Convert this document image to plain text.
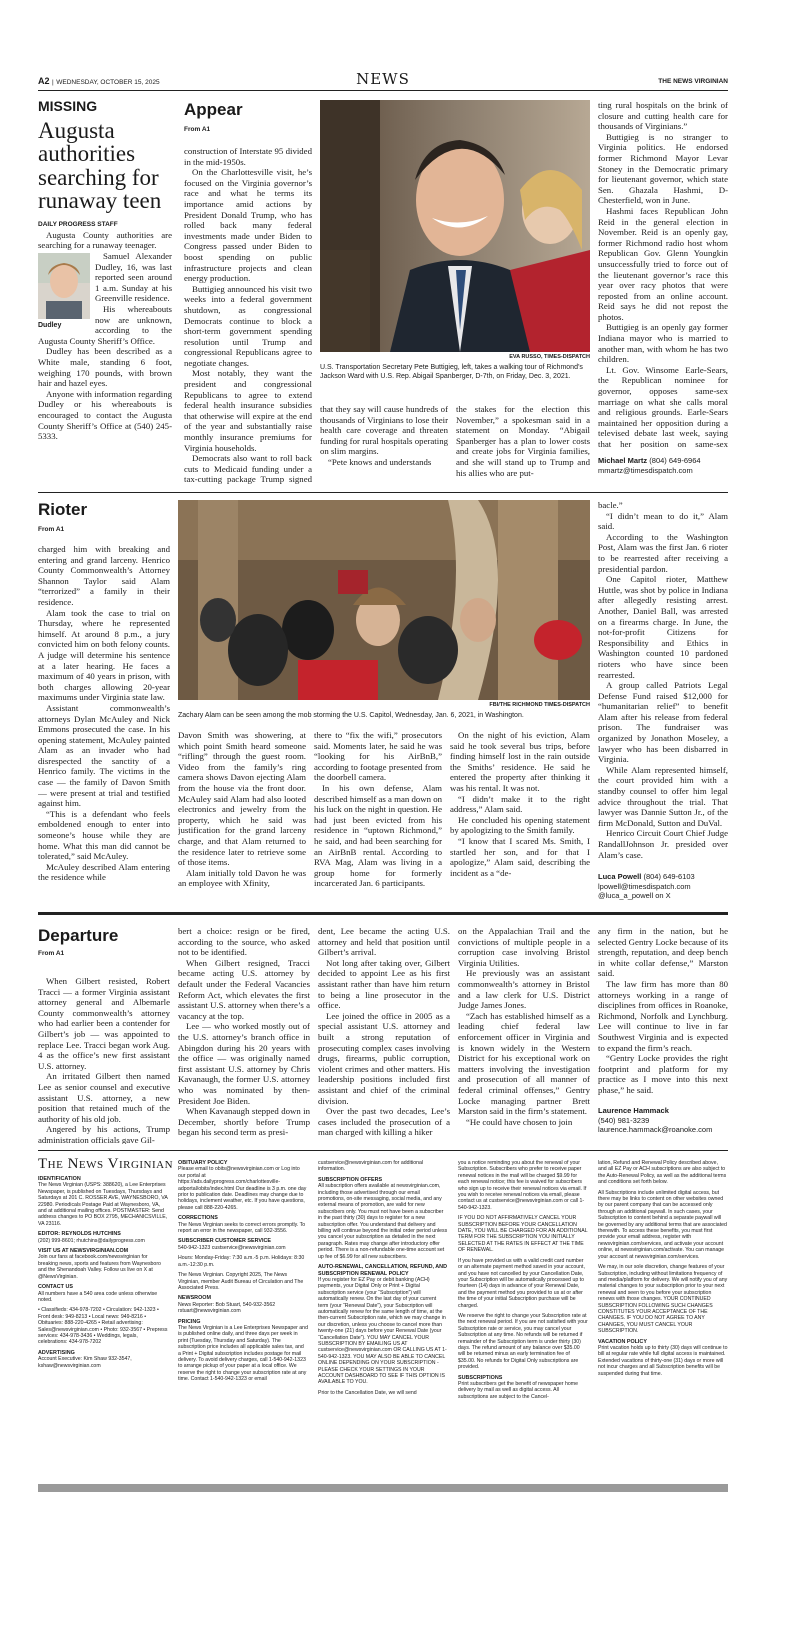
A2 | WEDNESDAY, OCTOBER 15, 2025	NEWS	THE NEWS VIRGINIAN
MISSING
Augusta authorities searching for runaway teen
DAILY PROGRESS STAFF

Augusta County authorities are searching for a runaway teenager.

Dudley

Samuel Alexander Dudley, 16, was last reported seen around 1 a.m. Sunday at his Greenville residence.

His whereabouts now are unknown, according to the Augusta County Sheriff’s Office.

Dudley has been described as a White male, standing 6 foot, weighing 170 pounds, with brown hair and hazel eyes.

Anyone with information regarding Dudley or his whereabouts is encouraged to contact the Augusta County Sheriff’s Office at (540) 245-5333.

Appear
From A1

construction of Interstate 95 divided in the mid-1950s.

On the Charlottesville visit, he’s focused on the Virginia governor’s race and what he terms its importance amid actions by President Donald Trump, who has rolled back many federal investments made under Biden to Congress passed under Biden to boost spending on public infrastructure projects and clean energy production.

Buttigieg announced his visit two weeks into a federal government shutdown, as congressional Democrats continue to block a short-term government spending resolution until Trump and congressional Republicans agree to negotiate changes.

Most notably, they want the president and congressional Republicans to agree to extend federal health insurance subsidies that otherwise will expire at the end of the year and substantially raise monthly insurance premiums for Virginia households.

Democrats also want to roll back cuts to Medicaid funding under a tax-cutting package Trump signed

EVA RUSSO, TIMES-DISPATCH
U.S. Transportation Secretary Pete Buttigieg, left, takes a walking tour of Richmond’s Jackson Ward with U.S. Rep. Abigail Spanberger, D-7th, on Friday, Dec. 3, 2021.

that they say will cause hundreds of thousands of Virginians to lose their health care coverage and threaten funding for rural hospitals operating on slim margins.

“Pete knows and understands

the stakes for the election this November,” a spokesman said in a statement on Monday. “Abigail Spanberger has a plan to lower costs and create jobs for Virginia families, and she will stand up to Trump and his allies who are put-

ting rural hospitals on the brink of closure and cutting health care for thousands of Virginians.”

Buttigieg is no stranger to Virginia politics. He endorsed former Richmond Mayor Levar Stoney in the Democratic primary for lieutenant governor, which state Sen. Ghazala Hashmi, D-Chesterfield, won in June.

Hashmi faces Republican John Reid in the general election in November. Reid is an openly gay, former Richmond radio host whom Republican Gov. Glenn Youngkin unsuccessfully tried to force out of the lieutenant governor’s race this year over racy photos that were reposted from an online account. Reid says he did not repost the photos.

Buttigieg is an openly gay former Indiana mayor who is married to another man, with whom he has two children.

Lt. Gov. Winsome Earle-Sears, the Republican nominee for governor, opposes same-sex marriage on what she calls moral and religious grounds. Earle-Sears maintained her opposition during a televised debate last week, saying that her position on same-sex

Michael Martz (804) 649-6964
mmartz@timesdispatch.com
Rioter
From A1

charged him with breaking and entering and grand larceny. Henrico County Commonwealth’s Attorney Shannon Taylor said Alam “terrorized” a family in their residence.

Alam took the case to trial on Thursday, where he represented himself. At around 8 p.m., a jury convicted him on both felony counts. A judge will determine his sentence at a later hearing. He faces a maximum of 40 years in prison, with both charges allowing 20-year maximums under Virginia state law.

Assistant commonwealth’s attorneys Dylan McAuley and Nick Emmons prosecuted the case. In his opening statement, McAuley painted Alam as an invader who had disrespected the sanctity of a Henrico family. The victims in the case — the family of Davon Smith — were present at trial and testified against him.

“This is a defendant who feels emboldened enough to enter into someone’s house while they are home. What this man did cannot be tolerated,” said McAuley.

McAuley described Alam entering the residence while

FBI/THE RICHMOND TIMES-DISPATCH
Zachary Alam can be seen among the mob storming the U.S. Capitol, Wednesday, Jan. 6, 2021, in Washington.

Davon Smith was showering, at which point Smith heard someone “rifling” through the guest room. Video from the family’s ring camera shows Davon ejecting Alam from the house via the front door. McAuley said Alam had also looted electronics and jewelry from the property, which he said was justification for the grand larceny charge, and that Alam returned to the residence later to retrieve some of those items.

Alam initially told Davon he was an employee with Xfinity,

there to “fix the wifi,” prosecutors said. Moments later, he said he was “looking for his AirBnB,” according to footage presented from the doorbell camera.

In his own defense, Alam described himself as a man down on his luck on the night in question. He had just been evicted from his residence in “uptown Richmond,” he said, and had been searching for an AirBnB rental. According to RVA Mag, Alam was living in a group home for formerly incarcerated Jan. 6 participants.

On the night of his eviction, Alam said he took several bus trips, before finding himself lost in the rain outside the Smiths’ residence. He said he entered the property after thinking it was his rental. It was not.

“I didn’t make it to the right address,” Alam said.

He concluded his opening statement by apologizing to the Smith family.

“I know that I scared Ms. Smith, I startled her son, and for that I apologize,” Alam said, describing the incident as a “de-

bacle.”

“I didn’t mean to do it,” Alam said.

According to the Washington Post, Alam was the first Jan. 6 rioter to be rearrested after receiving a presidential pardon.

One Capitol rioter, Matthew Huttle, was shot by police in Indiana after allegedly resisting arrest. Another, Daniel Ball, was arrested on a firearms charge. In June, the not-for-profit Citizens for Responsibility and Ethics in Washington counted 10 pardoned rioters who have since been rearrested.

A group called Patriots Legal Defense Fund raised $12,000 for “humanitarian relief” to benefit Alam after his release from federal prison. The fundraiser was organized by Jonathon Moseley, a lawyer who has been disbarred in Virginia.

While Alam represented himself, the court provided him with a standby counsel to offer him legal advice throughout the trial. That lawyer was Dannie Sutton Jr., of the firm McDonald, Sutton and DuVal.

Henrico Circuit Court Chief Judge RandallJohnson Jr. presided over Alam’s case.

Luca Powell (804) 649-6103
lpowell@timesdispatch.com
@luca_a_powell on X
Departure
From A1

When Gilbert resisted, Robert Tracci — a former Virginia assistant attorney general and Albemarle County commonwealth’s attorney who had earlier been a contender for Gilbert’s job — was appointed to replace Lee. Tracci began work Aug. 4 as the office’s new first assistant U.S. attorney.

An irritated Gilbert then named Lee as senior counsel and executive assistant U.S. attorney, a new position that retained much of the authority of his old job.

Angered by his actions, Trump administration officials gave Gil-

bert a choice: resign or be fired, according to the source, who asked not to be identified.

When Gilbert resigned, Tracci became acting U.S. attorney by default under the Federal Vacancies Reform Act, which elevates the first assistant U.S. attorney when there’s a vacancy at the top.

Lee — who worked mostly out of the U.S. attorney’s branch office in Abingdon during his 20 years with the office — was originally named first assistant U.S. attorney by Chris Kavanaugh, the former U.S. attorney who was nominated by then-President Joe Biden.

When Kavanaugh stepped down in December, shortly before Trump began his second term as presi-

dent, Lee became the acting U.S. attorney and held that position until Gilbert’s arrival.

Not long after taking over, Gilbert decided to appoint Lee as his first assistant rather than have him return to being a line prosecutor in the office.

Lee joined the office in 2005 as a special assistant U.S. attorney and built a strong reputation of prosecuting complex cases involving drugs, firearms, public corruption, violent crimes and other matters. His leadership positions included first assistant and chief of the criminal division.

Over the past two decades, Lee’s cases included the prosecution of a man charged with killing a hiker

on the Appalachian Trail and the convictions of multiple people in a corruption case involving Bristol Virginia Utilities.

He previously was an assistant commonwealth’s attorney in Bristol and a law clerk for U.S. District Judge James Jones.

“Zach has established himself as a leading chief federal law enforcement officer in Virginia and is known widely in the Western District for his exceptional work on matters involving the investigation and prosecution of all manner of federal criminal offenses,” Gentry Locke managing partner Brett Marston said in the firm’s statement.

“He could have chosen to join

any firm in the nation, but he selected Gentry Locke because of its strength, reputation, and deep bench in white collar defense,” Marston said.

The law firm has more than 80 attorneys working in a range of disciplines from offices in Roanoke, Richmond, Norfolk and Lynchburg. Lee will continue to live in far Southwest Virginia and is expected to expand the firm’s reach.

“Gentry Locke provides the right footprint and platform for my practice as I move into this next phase,” he said.

Laurence Hammack
(540) 981-3239
laurence.hammack@roanoke.com
The News Virginian
IDENTIFICATION
The News Virginian (USPS: 388620), a Lee Enterprises Newspaper, is published on Tuesdays, Thursdays and Saturdays at 201 C. ROSSER AVE, WAYNESBORO, VA 22980. Periodicals Postage Paid at Waynesboro, VA, and at additional mailing offices. POSTMASTER: Send address changes to PO BOX 2795, MECHANICSVILLE, VA 23116.
EDITOR: REYNOLDS HUTCHINS
(202) 999-8601; rhutchins@dailyprogress.com
VISIT US AT NEWSVIRGINIAN.COM
Join our fans at facebook.com/newsvirginian for breaking news, sports and features from Waynesboro and the Shenandoah Valley. Follow us live on X at @NewsVirginian.
CONTACT US
All numbers have a 540 area code unless otherwise noted.
• Classifieds: 434-978-7202 • Circulation: 942-1323 • Front desk: 949-8213 • Local news: 949-8216 • Obituaries: 888-220-4265 • Retail advertising: Sales@newsvirginian.com • Photo: 932-3567 • Prepress services: 434-978-3436 • Weddings, legals, celebrations: 434-978-7202
ADVERTISING
Account Executive: Kim Shaw 932-3547, kshaw@newsvirginian.com
OBITUARY POLICY
Please email to obits@newsvirginian.com or Log into our portal at https://ads.dailyprogress.com/charlottesville-adportal/obits/index.html Our deadline is 3 p.m. one day prior to publication date. Deadlines may change due to holidays, inclement weather, etc. If you have questions, please call 888-220-4265.
CORRECTIONS
The News Virginian seeks to correct errors promptly. To report an error in the newspaper, call 932-3556.
SUBSCRIBER CUSTOMER SERVICE
540-942-1323 custservice@newsvirginian.com
Hours: Monday-Friday: 7:30 a.m.-5 p.m. Holidays: 8:30 a.m.-12:30 p.m.
The News Virginian. Copyright 2025, The News Virginian, member Audit Bureau of Circulation and The Associated Press.
NEWSROOM
News Reporter: Bob Stuart, 540-932-3562 rstuart@newsvirginian.com
PRICING
The News Virginian is a Lee Enterprises Newspaper and is published online daily, and three days per week in print (Tuesday, Thursday and Saturday). The subscription price includes all applicable sales tax, and a Print + Digital subscription includes postage for mail delivery. To avoid delivery charges, call 1-540-942-1323 to arrange pickup of your paper at a local office. We reserve the right to change your subscription rate at any time. Contact 1-540-942-1323 or email
custservice@newsvirginian.com for additional information.
SUBSCRIPTION OFFERS
All subscription offers available at newsvirginian.com, including those advertised through our email promotions, on-site messaging, social media, and any external means of promotion, are valid for new subscribers only. You must not have been a subscriber in the past thirty (30) days to register for a new subscription offer. You understand that delivery and billing will continue beyond the initial order period unless you cancel your subscription as detailed in the next paragraph. Rates may change after introductory offer period. There is a non-refundable one-time account set up fee of $6.99 for all new subscribers.
AUTO-RENEWAL, CANCELLATION, REFUND, AND SUBSCRIPTION RENEWAL POLICY
If you register for EZ Pay or debit banking (ACH) payments, your Digital Only or Print + Digital subscription service (your “Subscription”) will automatically renew. On the last day of your current term (your “Renewal Date”), your Subscription will automatically renew for the same length of time, at the then-current Subscription rate, which we may change in our discretion, unless you choose to cancel more than twenty-one (21) days before your Renewal Date (your “Cancellation Date”). YOU MAY CANCEL YOUR SUBSCRIPTION BY EMAILING US AT custservice@newsvirginian.com OR CALLING US AT 1-540-942-1323. YOU MAY ALSO BE ABLE TO CANCEL ONLINE DEPENDING ON YOUR SUBSCRIPTION - PLEASE CHECK YOUR SETTINGS IN YOUR ACCOUNT DASHBOARD TO SEE IF THIS OPTION IS AVAILABLE TO YOU.
Prior to the Cancellation Date, we will send
you a notice reminding you about the renewal of your Subscription. Subscribers who prefer to receive paper renewal notices in the mail will be charged $9.99 for each renewal notice; this fee is waived for subscribers who sign up to receive their renewal notices via email. If you wish to receive renewal notices via email, please contact us at custservice@newsvirginian.com or call 1-540-942-1323.
IF YOU DO NOT AFFIRMATIVELY CANCEL YOUR SUBSCRIPTION BEFORE YOUR CANCELLATION DATE, YOU WILL BE CHARGED FOR AN ADDITIONAL TERM FOR THE SUBSCRIPTION YOU INITIALLY SELECTED AT THE RATES IN EFFECT AT THE TIME OF RENEWAL.
If you have provided us with a valid credit card number or an alternate payment method saved in your account, and you have not cancelled by your Cancellation Date, your Subscription will be automatically processed up to fourteen (14) days in advance of your Renewal Date, and the payment method you provided to us at or after the time of your initial Subscription purchase will be charged.
We reserve the right to change your Subscription rate at the next renewal period. If you are not satisfied with your Subscription rate or service, you may cancel your Subscription at any time. No refunds will be returned if remainder of the Subscription term is under thirty (30) days. The refund amount of any balance over $35.00 will be returned minus an early termination fee of $35.00. No refunds for Digital Only subscriptions are provided.
SUBSCRIPTIONS
Print subscribers get the benefit of newspaper home delivery by mail as well as digital access. All subscriptions are subject to the Cancel-
lation, Refund and Renewal Policy described above, and all EZ Pay or ACH subscriptions are also subject to the Auto-Renewal Policy, as well as the additional terms and conditions set forth below.
All Subscriptions include unlimited digital access, but there may be links to content on other websites owned by our parent company that can be accessed only through an additional paywall. In such cases, your Subscription to content behind a separate paywall will be governed by any additional terms that are associated therewith. To access these benefits, you must first provide your email address, register with newsvirginian.com/services, and activate your account online, at newsvirginian.com/activate. You can manage your account at newsvirginian.com/services.
We may, in our sole discretion, change features of your Subscription, including without limitations frequency of and media/platform for delivery. We will notify you of any material changes to your subscription prior to your next renewal and seen to you before your subscription renews with those changes. YOUR CONTINUED SUBSCRIPTION FOLLOWING SUCH CHANGES CONSTITUTES YOUR ACCEPTANCE OF THE CHANGES. IF YOU DO NOT AGREE TO ANY CHANGES, YOU MUST CANCEL YOUR SUBSCRIPTION.
VACATION POLICY
Print vacation holds up to thirty (30) days will continue to bill at regular rate while full digital access is maintained. Extended vacations of thirty-one (31) days or more will not incur charges and all Subscription benefits will be suspended during that time.
